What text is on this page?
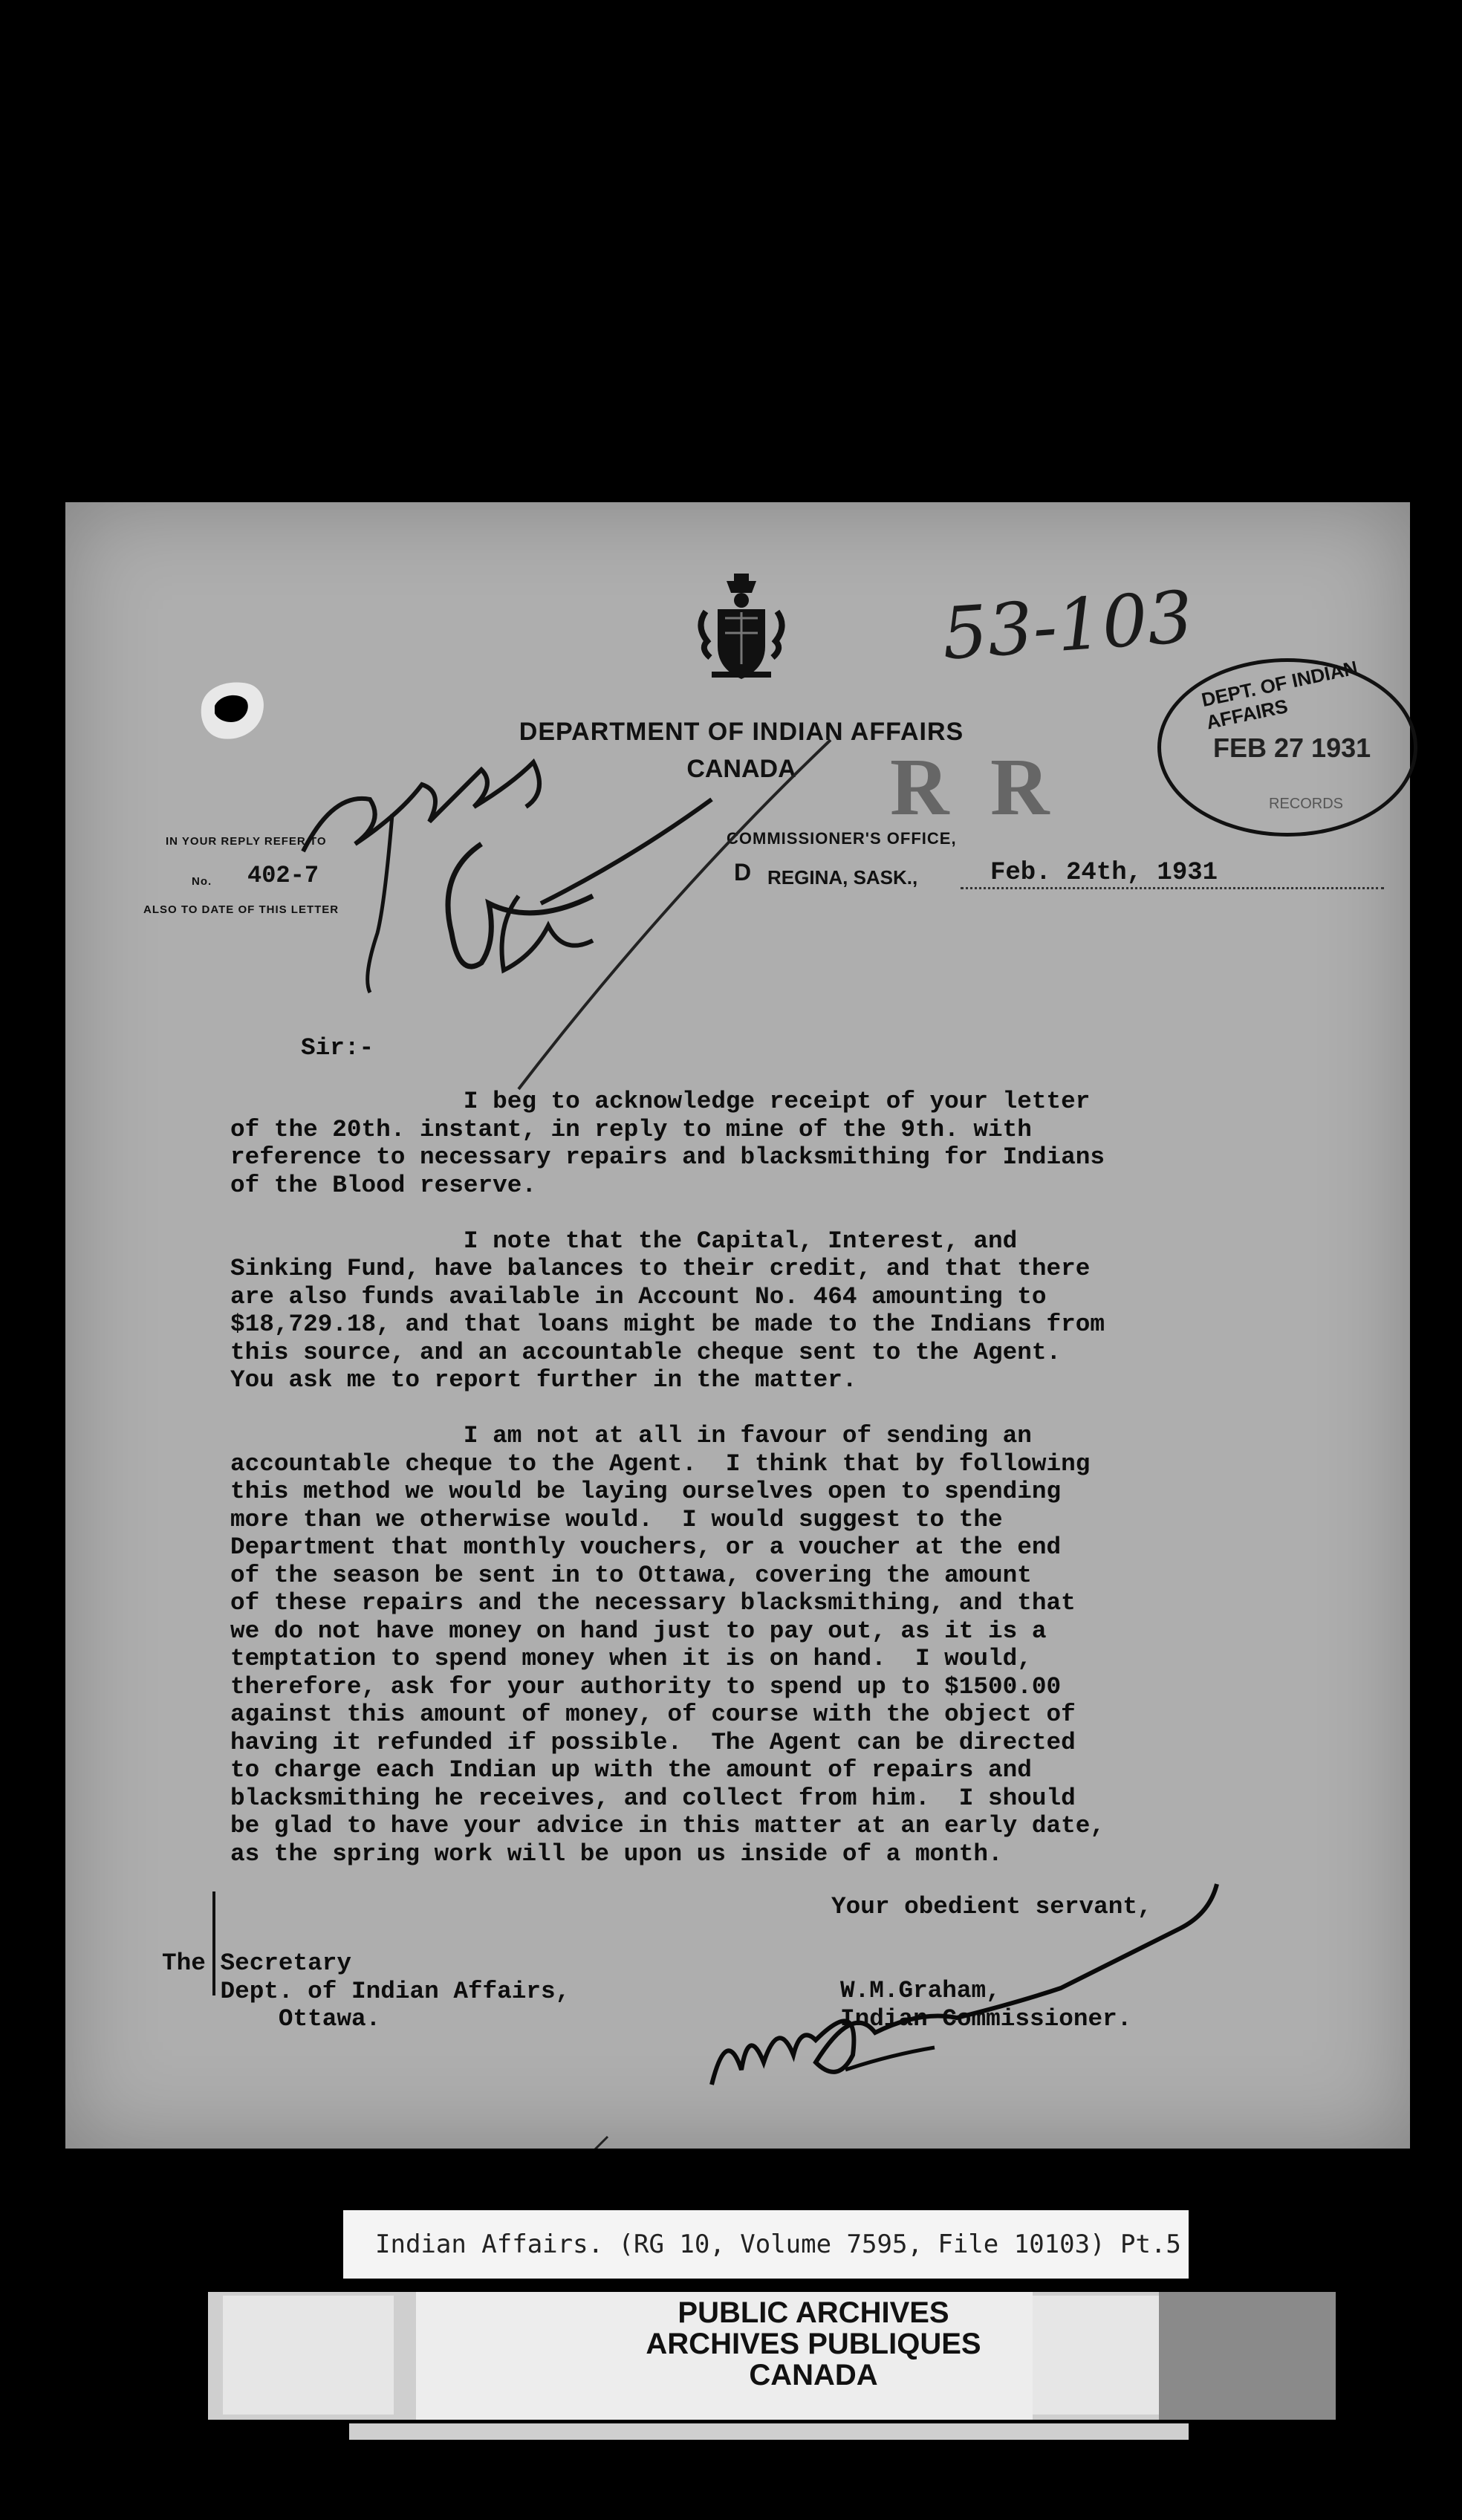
53-103
DEPARTMENT OF INDIAN AFFAIRS
CANADA	R R
DEPT. OF INDIAN AFFAIRS
FEB 27 1931
RECORDS
IN YOUR REPLY REFER TO
No. 402-7
ALSO TO DATE OF THIS LETTER
COMMISSIONER'S OFFICE,
D REGINA, SASK.,	Feb. 24th, 1931
Sir:-
I beg to acknowledge receipt of your letter
of the 20th. instant, in reply to mine of the 9th. with
reference to necessary repairs and blacksmithing for Indians
of the Blood reserve.

I note that the Capital, Interest, and
Sinking Fund, have balances to their credit, and that there
are also funds available in Account No. 464 amounting to
$18,729.18, and that loans might be made to the Indians from
this source, and an accountable cheque sent to the Agent.
You ask me to report further in the matter.

I am not at all in favour of sending an
accountable cheque to the Agent.  I think that by following
this method we would be laying ourselves open to spending
more than we otherwise would.  I would suggest to the
Department that monthly vouchers, or a voucher at the end
of the season be sent in to Ottawa, covering the amount
of these repairs and the necessary blacksmithing, and that
we do not have money on hand just to pay out, as it is a
temptation to spend money when it is on hand.  I would,
therefore, ask for your authority to spend up to $1500.00
against this amount of money, of course with the object of
having it refunded if possible.  The Agent can be directed
to charge each Indian up with the amount of repairs and
blacksmithing he receives, and collect from him.  I should
be glad to have your advice in this matter at an early date,
as the spring work will be upon us inside of a month.
Your obedient servant,
The Secretary
Dept. of Indian Affairs,
Ottawa.
W.M.Graham,
Indian Commissioner.
Indian Affairs. (RG 10, Volume 7595, File 10103) Pt.5
PUBLIC ARCHIVES
ARCHIVES PUBLIQUES
CANADA
